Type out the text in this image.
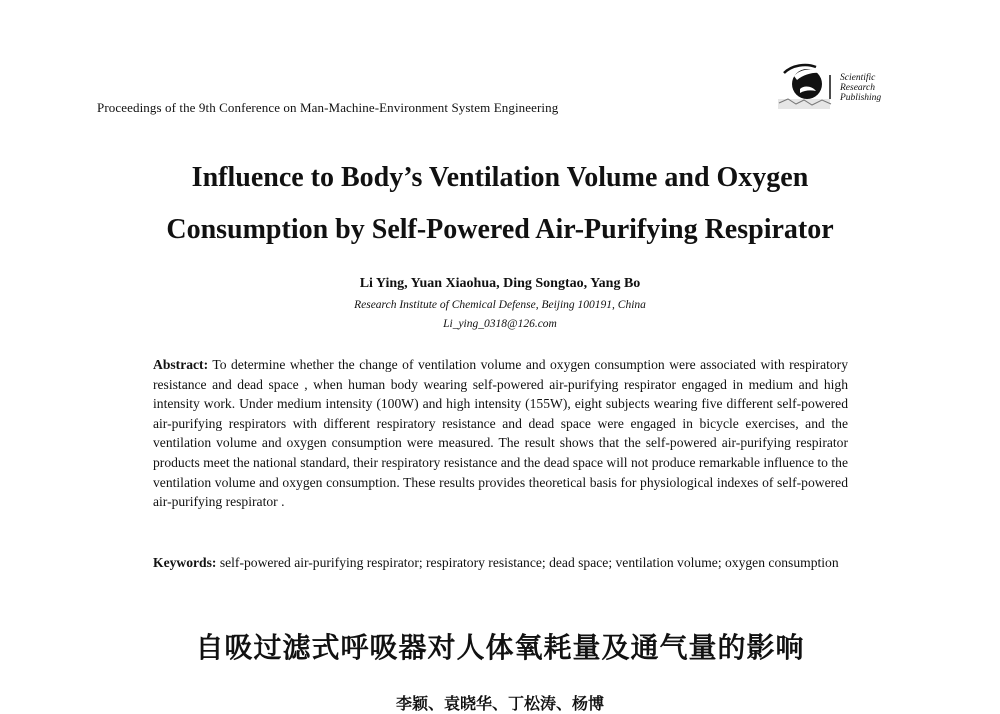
Proceedings of the 9th Conference on Man-Machine-Environment System Engineering
Scientific
Research
Publishing
Influence to Body’s Ventilation Volume and Oxygen
Consumption by Self-Powered Air-Purifying Respirator
Li Ying, Yuan Xiaohua, Ding Songtao, Yang Bo
Research Institute of Chemical Defense, Beijing 100191, China
Li_ying_0318@126.com
Abstract: To determine whether the change of ventilation volume and oxygen consumption were associated with respiratory resistance and dead space , when human body wearing self-powered air-purifying respirator engaged in medium and high intensity work. Under medium intensity (100W) and high intensity (155W), eight subjects wearing five different self-powered air-purifying respirators with different respiratory resistance and dead space were engaged in bicycle exercises, and the ventilation volume and oxygen consumption were measured. The result shows that the self-powered air-purifying respirator products meet the national standard, their respiratory resistance and the dead space will not produce remarkable influence to the ventilation volume and oxygen consumption. These results provides theoretical basis for physiological indexes of self-powered air-purifying respirator .
Keywords: self-powered air-purifying respirator; respiratory resistance; dead space; ventilation volume; oxygen consumption
自吸过滤式呼吸器对人体氧耗量及通气量的影响
李颖、袁晓华、丁松涛、杨博
